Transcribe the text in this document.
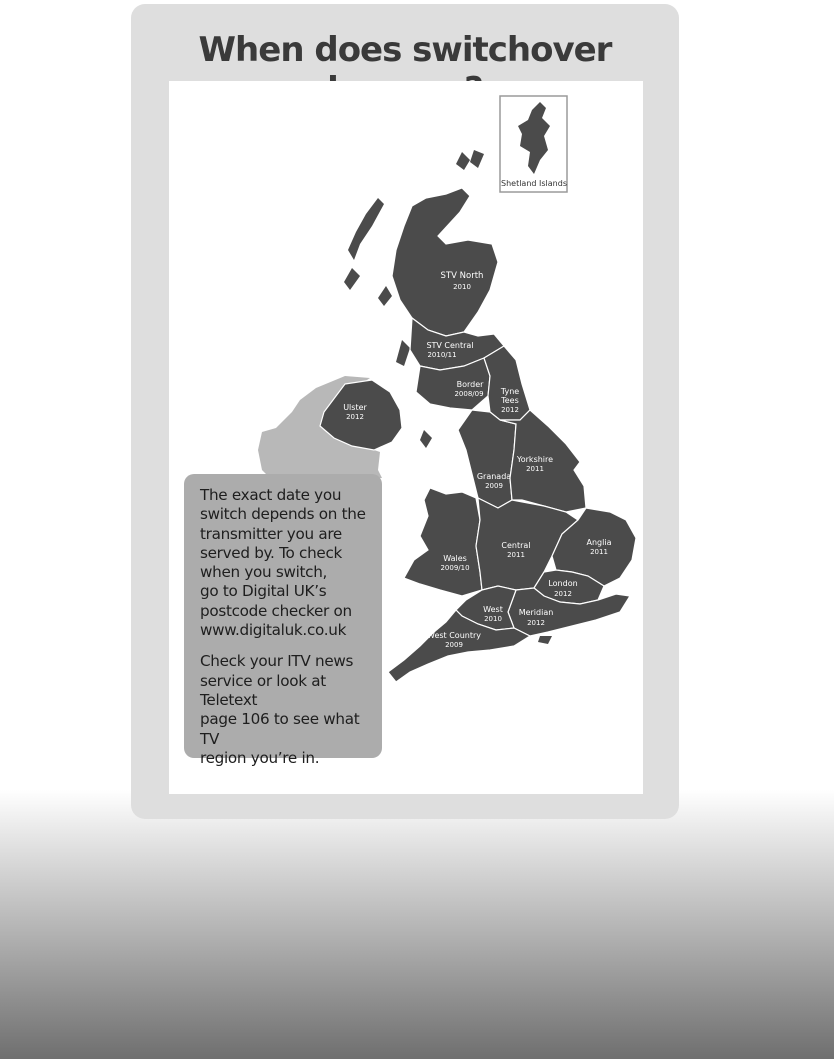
When does switchover
Shetland Islands
STV North
2010
STV Central
2010/11
Border
2008/09 Tyne
Tees
2012
Ulster
2012
Yorkshire
2011
Granada
2009
Wales
2009/10
Central
2011
Anglia
2011
London
2012
West
2010
Meridian
2012
West Country
2009

The exact date you
switch depends on the
transmitter you are
served by. To check
when you switch,
go to Digital UK’s
postcode checker on
www.digitaluk.co.uk

Check your ITV news
service or look at Teletext
page 106 to see what TV
region you’re in.
